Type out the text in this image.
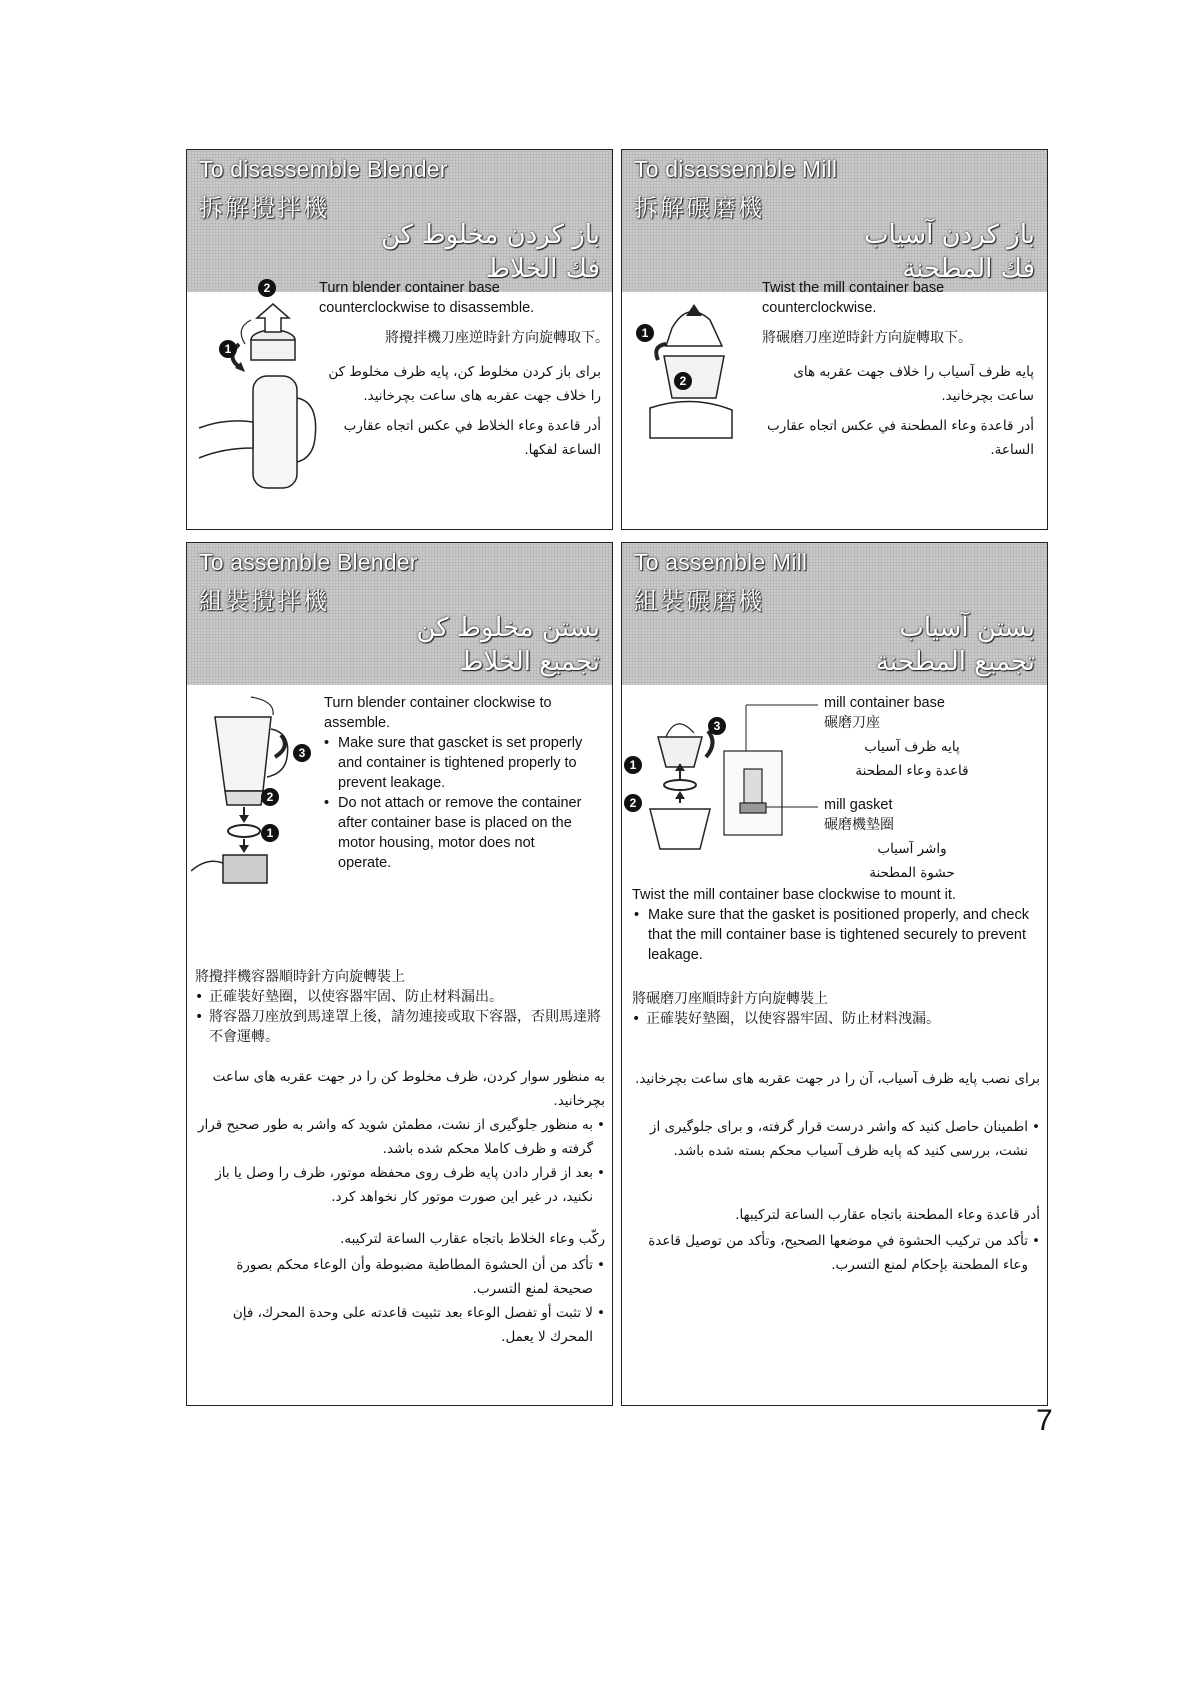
To disassemble Blender
拆解攪拌機
ﺑﺎز ﮐﺮدن ﻣﺨﻠﻮط ﮐﻦ
ﻓﻚ اﻟﺨﻼط
2
1
Turn blender container base counterclockwise to disassemble.
將攪拌機刀座逆時針方向旋轉取下。
ﺑﺮای ﺑﺎز ﮐﺮدن ﻣﺨﻠﻮط ﮐﻦ، ﭘﺎﯾﻪ ﻇﺮف ﻣﺨﻠﻮط ﮐﻦ را ﺧﻼف ﺟﻬﺖ ﻋﻘﺮﺑﻪ ﻫﺎی ﺳﺎﻋﺖ ﺑﭽﺮﺧﺎﻧﯿﺪ.
أدر ﻗﺎﻋﺪة وﻋﺎء اﻟﺨﻼط ﻓﻲ ﻋﻜﺲ اﺗﺠﺎه ﻋﻘﺎرب اﻟﺴﺎﻋﺔ ﻟﻔﻜﻬﺎ.
To disassemble Mill
拆解碾磨機
ﺑﺎز ﮐﺮدن آﺳﯿﺎب
ﻓﻚ اﻟﻤﻄﺤﻨﺔ
1
2
Twist the mill container base counterclockwise.
將碾磨刀座逆時針方向旋轉取下。
ﭘﺎﯾﻪ ﻇﺮف آﺳﯿﺎب را ﺧﻼف ﺟﻬﺖ ﻋﻘﺮﺑﻪ ﻫﺎی ﺳﺎﻋﺖ ﺑﭽﺮﺧﺎﻧﯿﺪ.
أدر ﻗﺎﻋﺪة وﻋﺎء اﻟﻤﻄﺤﻨﺔ ﻓﻲ ﻋﻜﺲ اﺗﺠﺎه ﻋﻘﺎرب اﻟﺴﺎﻋﺔ.
To assemble Blender
組裝攪拌機
ﺑﺴﺘﻦ ﻣﺨﻠﻮط ﮐﻦ
ﺗﺠﻤﻴﻊ اﻟﺨﻼط
3
2
1
Turn blender container clockwise to assemble.
• Make sure that gascket is set properly and container is tightened properly to prevent leakage.
• Do not attach or remove the container after container base is placed on the motor housing, motor does not operate.
將攪拌機容器順時針方向旋轉裝上
• 正確裝好墊圈，以使容器牢固、防止材料漏出。
• 將容器刀座放到馬達罩上後，請勿連接或取下容器，否則馬達將不會運轉。
ﺑﻪ ﻣﻨﻈﻮر ﺳﻮار ﮐﺮدن، ﻇﺮف ﻣﺨﻠﻮط ﮐﻦ را در ﺟﻬﺖ ﻋﻘﺮﺑﻪ ﻫﺎی ﺳﺎﻋﺖ ﺑﭽﺮﺧﺎﻧﯿﺪ.
• ﺑﻪ ﻣﻨﻈﻮر ﺟﻠﻮﮔﯿﺮی از ﻧﺸﺖ، ﻣﻄﻤﺌﻦ ﺷﻮﯾﺪ ﮐﻪ واﺷﺮ ﺑﻪ ﻃﻮر ﺻﺤﯿﺢ ﻗﺮار ﮔﺮﻓﺘﻪ و ﻇﺮف ﮐﺎﻣﻼ ﻣﺤﮑﻢ ﺷﺪه ﺑﺎﺷﺪ.
• ﺑﻌﺪ از ﻗﺮار دادن ﭘﺎﯾﻪ ﻇﺮف روی ﻣﺤﻔﻈﻪ ﻣﻮﺗﻮر، ﻇﺮف را وﺻﻞ ﯾﺎ ﺑﺎز ﻧﮑﻨﯿﺪ، در ﻏﯿﺮ اﯾﻦ ﺻﻮرت ﻣﻮﺗﻮر ﮐﺎر ﻧﺨﻮاﻫﺪ ﮐﺮد.
رﻛّﺐ وﻋﺎء اﻟﺨﻼط ﺑﺎﺗﺠﺎه ﻋﻘﺎرب اﻟﺴﺎﻋﺔ ﻟﺘﺮﻛﻴﺒﻪ.
• ﺗﺄﻛﺪ ﻣﻦ أن اﻟﺤﺸﻮة اﻟﻤﻄﺎﻃﻴﺔ ﻣﻀﺒﻮﻃﺔ وأن اﻟﻮﻋﺎء ﻣﺤﻜﻢ ﺑﺼﻮرة ﺻﺤﻴﺤﺔ ﻟﻤﻨﻊ اﻟﺘﺴﺮب.
• ﻻ ﺗﺜﺒﺖ أو ﺗﻔﺼﻞ اﻟﻮﻋﺎء ﺑﻌﺪ ﺗﺜﺒﻴﺖ ﻗﺎﻋﺪﺗﻪ ﻋﻠﻰ وﺣﺪة اﻟﻤﺤﺮك، ﻓﺈن اﻟﻤﺤﺮك ﻻ ﻳﻌﻤﻞ.
To assemble Mill
組裝碾磨機
ﺑﺴﺘﻦ آﺳﯿﺎب
ﺗﺠﻤﻴﻊ اﻟﻤﻄﺤﻨﺔ
3
1
2
mill container base
碾磨刀座
ﭘﺎﯾﻪ ﻇﺮف آﺳﯿﺎب
ﻗﺎﻋﺪة وﻋﺎء اﻟﻤﻄﺤﻨﺔ
mill gasket
碾磨機墊圈
واﺷﺮ آﺳﯿﺎب
ﺣﺸﻮة اﻟﻤﻄﺤﻨﺔ
Twist the mill container base clockwise to mount it.
• Make sure that the gasket is positioned properly, and check that the mill container base is tightened securely to prevent leakage.
將碾磨刀座順時針方向旋轉裝上
• 正確裝好墊圈，以使容器牢固、防止材料洩漏。
ﺑﺮای ﻧﺼﺐ ﭘﺎﯾﻪ ﻇﺮف آﺳﯿﺎب، آن را در ﺟﻬﺖ ﻋﻘﺮﺑﻪ ﻫﺎی ﺳﺎﻋﺖ ﺑﭽﺮﺧﺎﻧﯿﺪ.
• اﻃﻤﯿﻨﺎن ﺣﺎﺻﻞ ﮐﻨﯿﺪ ﮐﻪ واﺷﺮ درﺳﺖ ﻗﺮار ﮔﺮﻓﺘﻪ، و ﺑﺮای ﺟﻠﻮﮔﯿﺮی از ﻧﺸﺖ، ﺑﺮرﺳﯽ ﮐﻨﯿﺪ ﮐﻪ ﭘﺎﯾﻪ ﻇﺮف آﺳﯿﺎب ﻣﺤﮑﻢ ﺑﺴﺘﻪ ﺷﺪه ﺑﺎﺷﺪ.
أدر ﻗﺎﻋﺪة وﻋﺎء اﻟﻤﻄﺤﻨﺔ ﺑﺎﺗﺠﺎه ﻋﻘﺎرب اﻟﺴﺎﻋﺔ ﻟﺘﺮﻛﻴﺒﻬﺎ.
• ﺗﺄﻛﺪ ﻣﻦ ﺗﺮﻛﻴﺐ اﻟﺤﺸﻮة ﻓﻲ ﻣﻮﺿﻌﻬﺎ اﻟﺼﺤﻴﺢ، وﺗﺄﻛﺪ ﻣﻦ ﺗﻮﺻﻴﻞ ﻗﺎﻋﺪة وﻋﺎء اﻟﻤﻄﺤﻨﺔ ﺑﺈﺣﻜﺎم ﻟﻤﻨﻊ اﻟﺘﺴﺮب.
7
